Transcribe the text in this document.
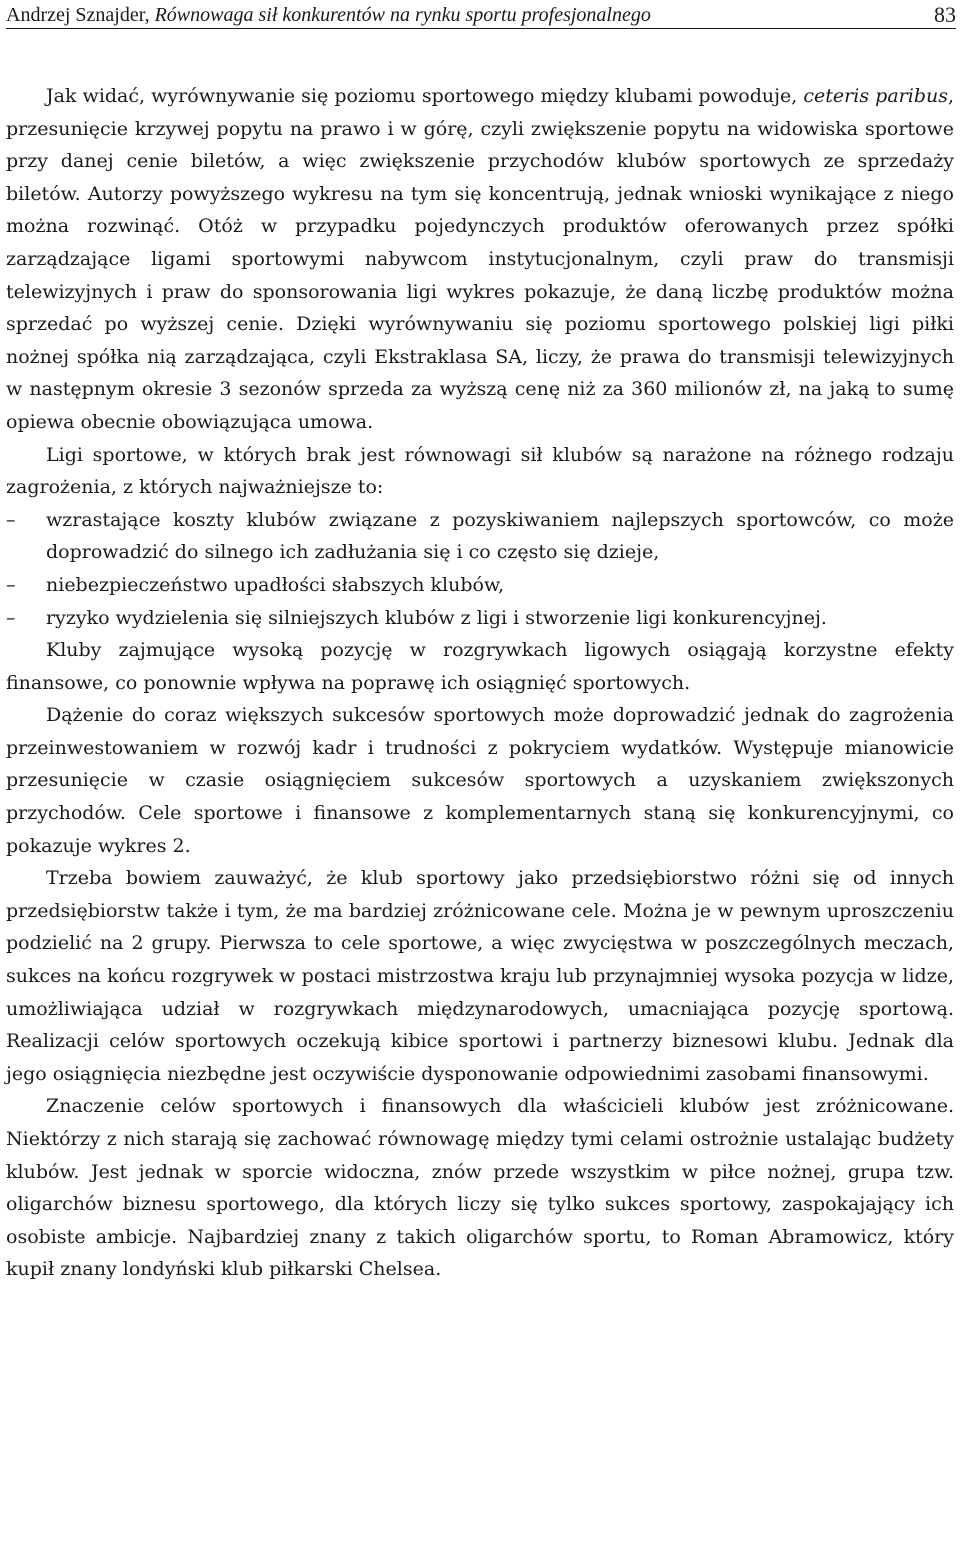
Andrzej Sznajder, Równowaga sił konkurentów na rynku sportu profesjonalnego	83

Jak widać, wyrównywanie się poziomu sportowego między klubami powoduje, ceteris paribus, przesunięcie krzywej popytu na prawo i w górę, czyli zwiększenie popytu na widowiska sportowe przy danej cenie biletów, a więc zwiększenie przychodów klubów sportowych ze sprzedaży biletów. Autorzy powyższego wykresu na tym się koncentrują, jednak wnioski wynikające z niego można rozwinąć. Otóż w przypadku pojedynczych produktów oferowanych przez spółki zarządzające ligami sportowymi nabywcom instytucjonalnym, czyli praw do transmisji telewizyjnych i praw do sponsorowania ligi wykres pokazuje, że daną liczbę produktów można sprzedać po wyższej cenie. Dzięki wyrównywaniu się poziomu sportowego polskiej ligi piłki nożnej spółka nią zarządzająca, czyli Ekstraklasa SA, liczy, że prawa do transmisji telewizyjnych w następnym okresie 3 sezonów sprzeda za wyższą cenę niż za 360 milionów zł, na jaką to sumę opiewa obecnie obowiązująca umowa.

Ligi sportowe, w których brak jest równowagi sił klubów są narażone na różnego rodzaju zagrożenia, z których najważniejsze to:

– wzrastające koszty klubów związane z pozyskiwaniem najlepszych sportowców, co może doprowadzić do silnego ich zadłużania się i co często się dzieje,
– niebezpieczeństwo upadłości słabszych klubów,
– ryzyko wydzielenia się silniejszych klubów z ligi i stworzenie ligi konkurencyjnej.

Kluby zajmujące wysoką pozycję w rozgrywkach ligowych osiągają korzystne efekty finansowe, co ponownie wpływa na poprawę ich osiągnięć sportowych.

Dążenie do coraz większych sukcesów sportowych może doprowadzić jednak do zagrożenia przeinwestowaniem w rozwój kadr i trudności z pokryciem wydatków. Występuje mianowicie przesunięcie w czasie osiągnięciem sukcesów sportowych a uzyskaniem zwiększonych przychodów. Cele sportowe i finansowe z komplementarnych staną się konkurencyjnymi, co pokazuje wykres 2.

Trzeba bowiem zauważyć, że klub sportowy jako przedsiębiorstwo różni się od innych przedsiębiorstw także i tym, że ma bardziej zróżnicowane cele. Można je w pewnym uproszczeniu podzielić na 2 grupy. Pierwsza to cele sportowe, a więc zwycięstwa w poszczególnych meczach, sukces na końcu rozgrywek w postaci mistrzostwa kraju lub przynajmniej wysoka pozycja w lidze, umożliwiająca udział w rozgrywkach międzynarodowych, umacniająca pozycję sportową. Realizacji celów sportowych oczekują kibice sportowi i partnerzy biznesowi klubu. Jednak dla jego osiągnięcia niezbędne jest oczywiście dysponowanie odpowiednimi zasobami finansowymi.

Znaczenie celów sportowych i finansowych dla właścicieli klubów jest zróżnicowane. Niektórzy z nich starają się zachować równowagę między tymi celami ostrożnie ustalając budżety klubów. Jest jednak w sporcie widoczna, znów przede wszystkim w piłce nożnej, grupa tzw. oligarchów biznesu sportowego, dla których liczy się tylko sukces sportowy, zaspokajający ich osobiste ambicje. Najbardziej znany z takich oligarchów sportu, to Roman Abramowicz, który kupił znany londyński klub piłkarski Chelsea.
